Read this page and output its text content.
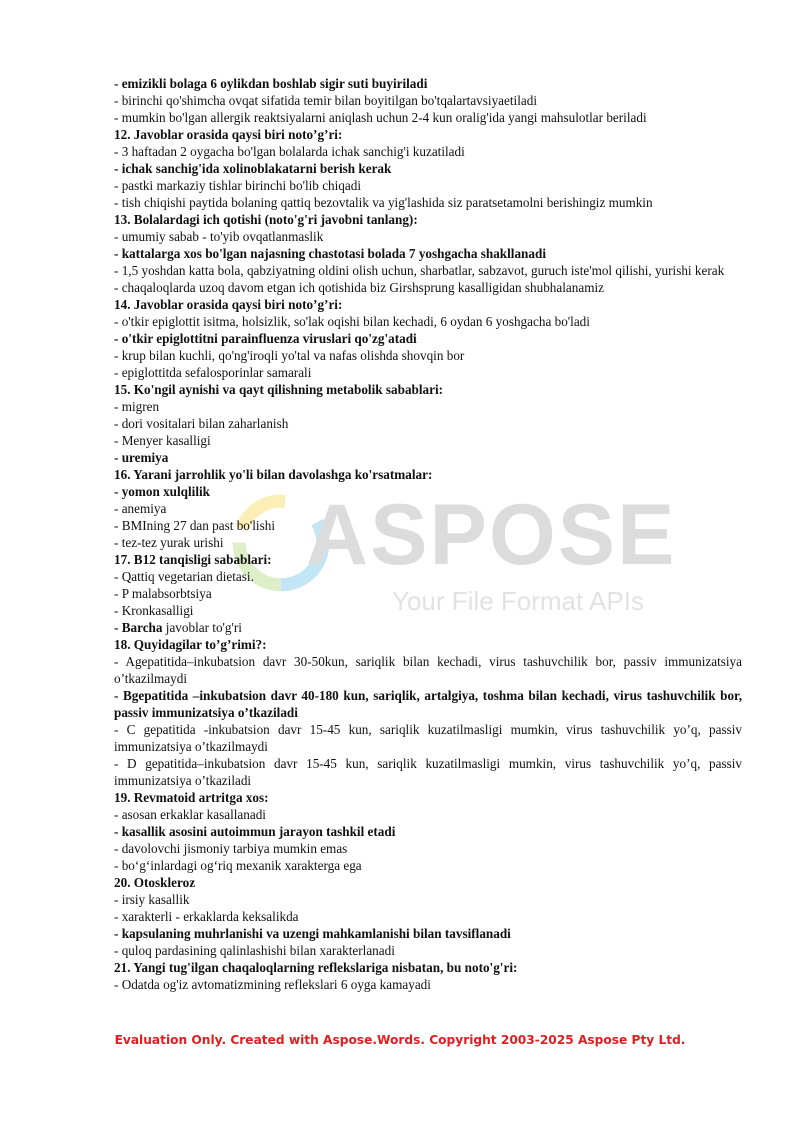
ASPOSE
Your File Format APIs
- emizikli bolaga 6 oylikdan boshlab sigir suti buyiriladi
- birinchi qo'shimcha ovqat sifatida temir bilan boyitilgan bo'tqalartavsiyaetiladi
- mumkin bo'lgan allergik reaktsiyalarni aniqlash uchun 2-4 kun oralig'ida yangi mahsulotlar beriladi
12. Javoblar orasida qaysi biri noto’g’ri:
- 3 haftadan 2 oygacha bo'lgan bolalarda ichak sanchig'i kuzatiladi
- ichak sanchig'ida xolinoblakatarni berish kerak
- pastki markaziy tishlar birinchi bo'lib chiqadi
- tish chiqishi paytida bolaning qattiq bezovtalik va yig'lashida siz paratsetamolni berishingiz mumkin
13. Bolalardagi ich qotishi (noto'g'ri javobni tanlang):
- umumiy sabab - to'yib ovqatlanmaslik
- kattalarga xos bo'lgan najasning chastotasi bolada 7 yoshgacha shakllanadi
- 1,5 yoshdan katta bola, qabziyatning oldini olish uchun, sharbatlar, sabzavot, guruch iste'mol qilishi, yurishi kerak
- chaqaloqlarda uzoq davom etgan ich qotishida biz Girshsprung kasalligidan shubhalanamiz
14. Javoblar orasida qaysi biri noto’g’ri:
- o'tkir epiglottit isitma, holsizlik, so'lak oqishi bilan kechadi, 6 oydan 6 yoshgacha bo'ladi
- o'tkir epiglottitni parainfluenza viruslari qo'zg'atadi
- krup bilan kuchli, qo'ng'iroqli yo'tal va nafas olishda shovqin bor
- epiglottitda sefalosporinlar samarali
15. Ko'ngil aynishi va qayt qilishning metabolik sabablari:
- migren
- dori vositalari bilan zaharlanish
- Menyer kasalligi
- uremiya
16. Yarani jarrohlik yo'li bilan davolashga ko'rsatmalar:
- yomon xulqlilik
- anemiya
- BMIning 27 dan past bo'lishi
- tez-tez yurak urishi
17. B12 tanqisligi sabablari:
- Qattiq vegetarian dietasi.
- P malabsorbtsiya
- Kronkasalligi
- Barcha javoblar to'g'ri
18. Quyidagilar to’g’rimi?:
- Agepatitida–inkubatsion davr 30-50kun, sariqlik bilan kechadi, virus tashuvchilik bor, passiv immunizatsiya o’tkazilmaydi
- Bgepatitida –inkubatsion davr 40-180 kun, sariqlik, artalgiya, toshma bilan kechadi, virus tashuvchilik bor, passiv immunizatsiya o’tkaziladi
- C gepatitida -inkubatsion davr 15-45 kun, sariqlik kuzatilmasligi mumkin, virus tashuvchilik yo’q, passiv immunizatsiya o’tkazilmaydi
- D gepatitida–inkubatsion davr 15-45 kun, sariqlik kuzatilmasligi mumkin, virus tashuvchilik yo’q, passiv immunizatsiya o’tkaziladi
19. Revmatoid artritga xos:
- asosan erkaklar kasallanadi
- kasallik asosini autoimmun jarayon tashkil etadi
- davolovchi jismoniy tarbiya mumkin emas
- bo‘g‘inlardagi og‘riq mexanik xarakterga ega
20. Otoskleroz
- irsiy kasallik
- xarakterli - erkaklarda keksalikda
- kapsulaning muhrlanishi va uzengi mahkamlanishi bilan tavsiflanadi
- quloq pardasining qalinlashishi bilan xarakterlanadi
21. Yangi tug'ilgan chaqaloqlarning reflekslariga nisbatan, bu noto'g'ri:
- Odatda og'iz avtomatizmining reflekslari 6 oyga kamayadi
Evaluation Only. Created with Aspose.Words. Copyright 2003-2025 Aspose Pty Ltd.
